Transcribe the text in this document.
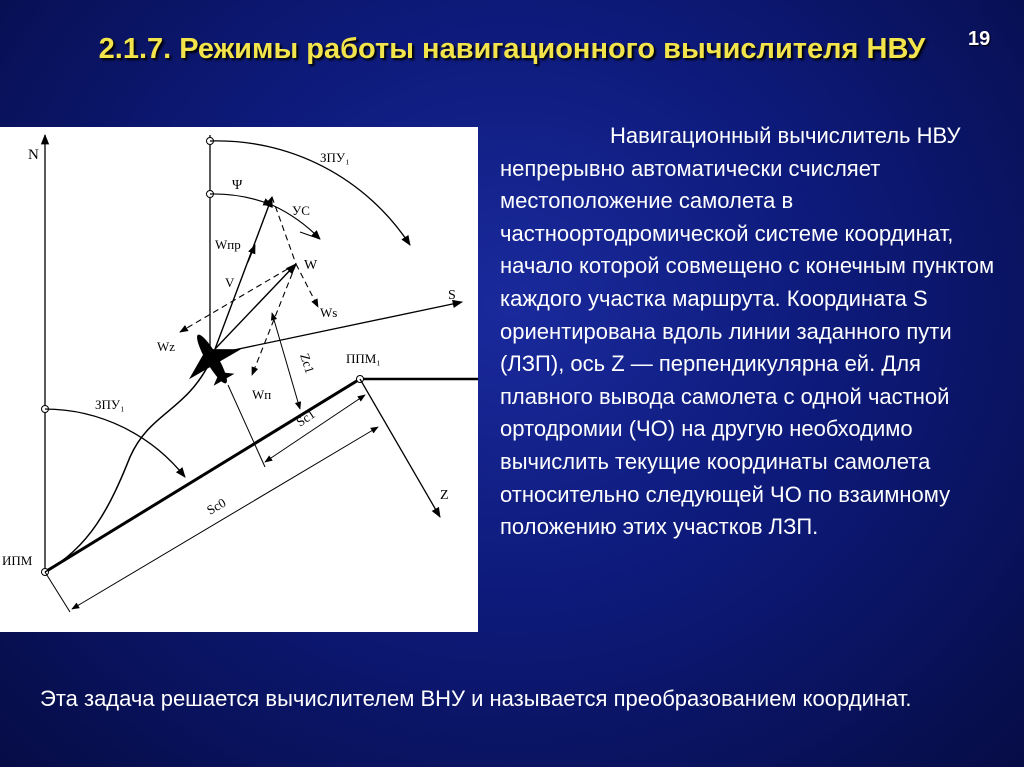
2.1.7. Режимы работы навигационного вычислителя НВУ	19
N	ЗПУ₁
Ψ
УС
Wпр
W
V
Ws
Wz
Zс1
Wп
S
ППМ₁
ЗПУ₁
Sс1
Z
Sс0
ИПМ

Навигационный вычислитель НВУ непрерывно автоматически счисляет местоположение самолета в частноортодромической системе координат, начало которой совмещено с конечным пунктом каждого участка маршрута. Координата S ориентирована вдоль линии заданного пути (ЛЗП), ось Z — перпендикулярна ей. Для плавного вывода самолета с одной частной ортодромии (ЧО) на другую необходимо вычислить текущие координаты самолета относительно следующей ЧО по взаимному положению этих участков ЛЗП.

Эта задача решается вычислителем ВНУ и называется преобразованием координат.
